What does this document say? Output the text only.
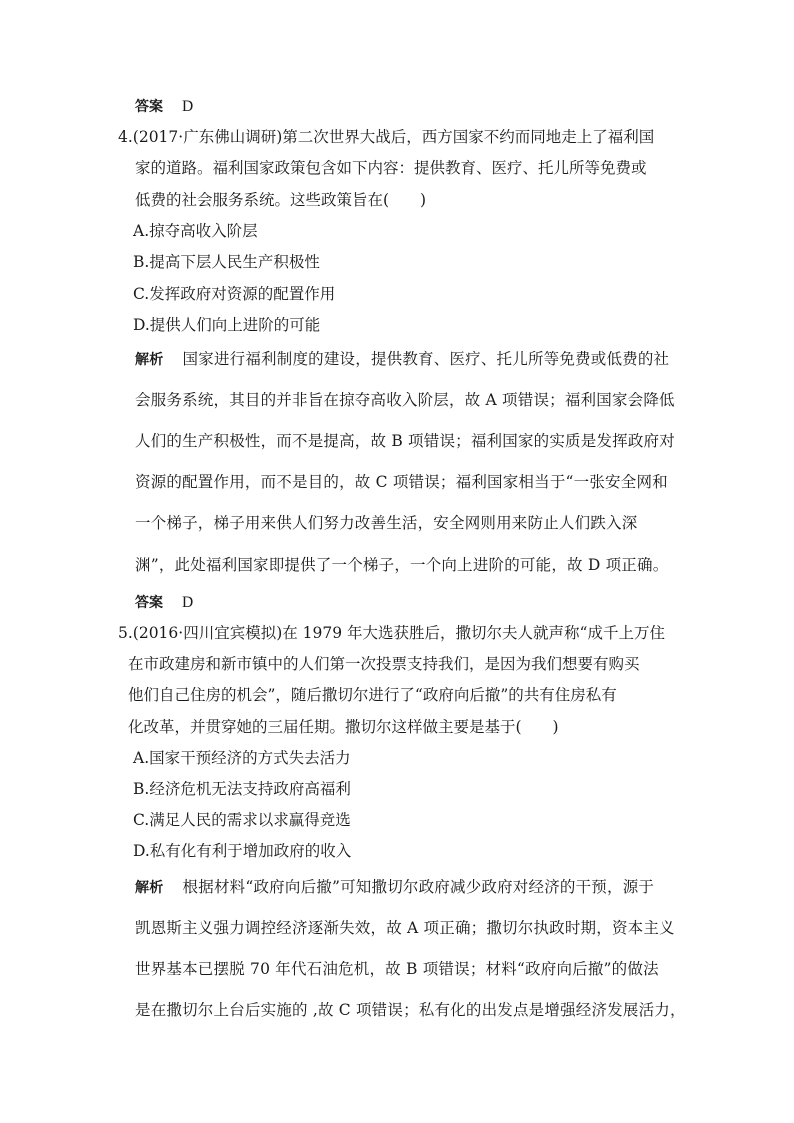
答案 D
4.(2017·广东佛山调研)第二次世界大战后，西方国家不约而同地走上了福利国
家的道路。福利国家政策包含如下内容：提供教育、医疗、托儿所等免费或
低费的社会服务系统。这些政策旨在(　　)
A.掠夺高收入阶层
B.提高下层人民生产积极性
C.发挥政府对资源的配置作用
D.提供人们向上进阶的可能
解析 国家进行福利制度的建设，提供教育、医疗、托儿所等免费或低费的社
会服务系统，其目的并非旨在掠夺高收入阶层，故 A 项错误；福利国家会降低
人们的生产积极性，而不是提高，故 B 项错误；福利国家的实质是发挥政府对
资源的配置作用，而不是目的，故 C 项错误；福利国家相当于“一张安全网和
一个梯子，梯子用来供人们努力改善生活，安全网则用来防止人们跌入深
渊”，此处福利国家即提供了一个梯子，一个向上进阶的可能，故 D 项正确。
答案 D
5.(2016·四川宜宾模拟)在 1979 年大选获胜后，撒切尔夫人就声称“成千上万住
在市政建房和新市镇中的人们第一次投票支持我们，是因为我们想要有购买
他们自己住房的机会”，随后撒切尔进行了“政府向后撤”的共有住房私有
化改革，并贯穿她的三届任期。撒切尔这样做主要是基于(　　)
A.国家干预经济的方式失去活力
B.经济危机无法支持政府高福利
C.满足人民的需求以求赢得竞选
D.私有化有利于增加政府的收入
解析 根据材料“政府向后撤”可知撒切尔政府减少政府对经济的干预，源于
凯恩斯主义强力调控经济逐渐失效，故 A 项正确；撒切尔执政时期，资本主义
世界基本已摆脱 70 年代石油危机，故 B 项错误；材料“政府向后撤”的做法
是在撒切尔上台后实施的 ,故 C 项错误；私有化的出发点是增强经济发展活力，
